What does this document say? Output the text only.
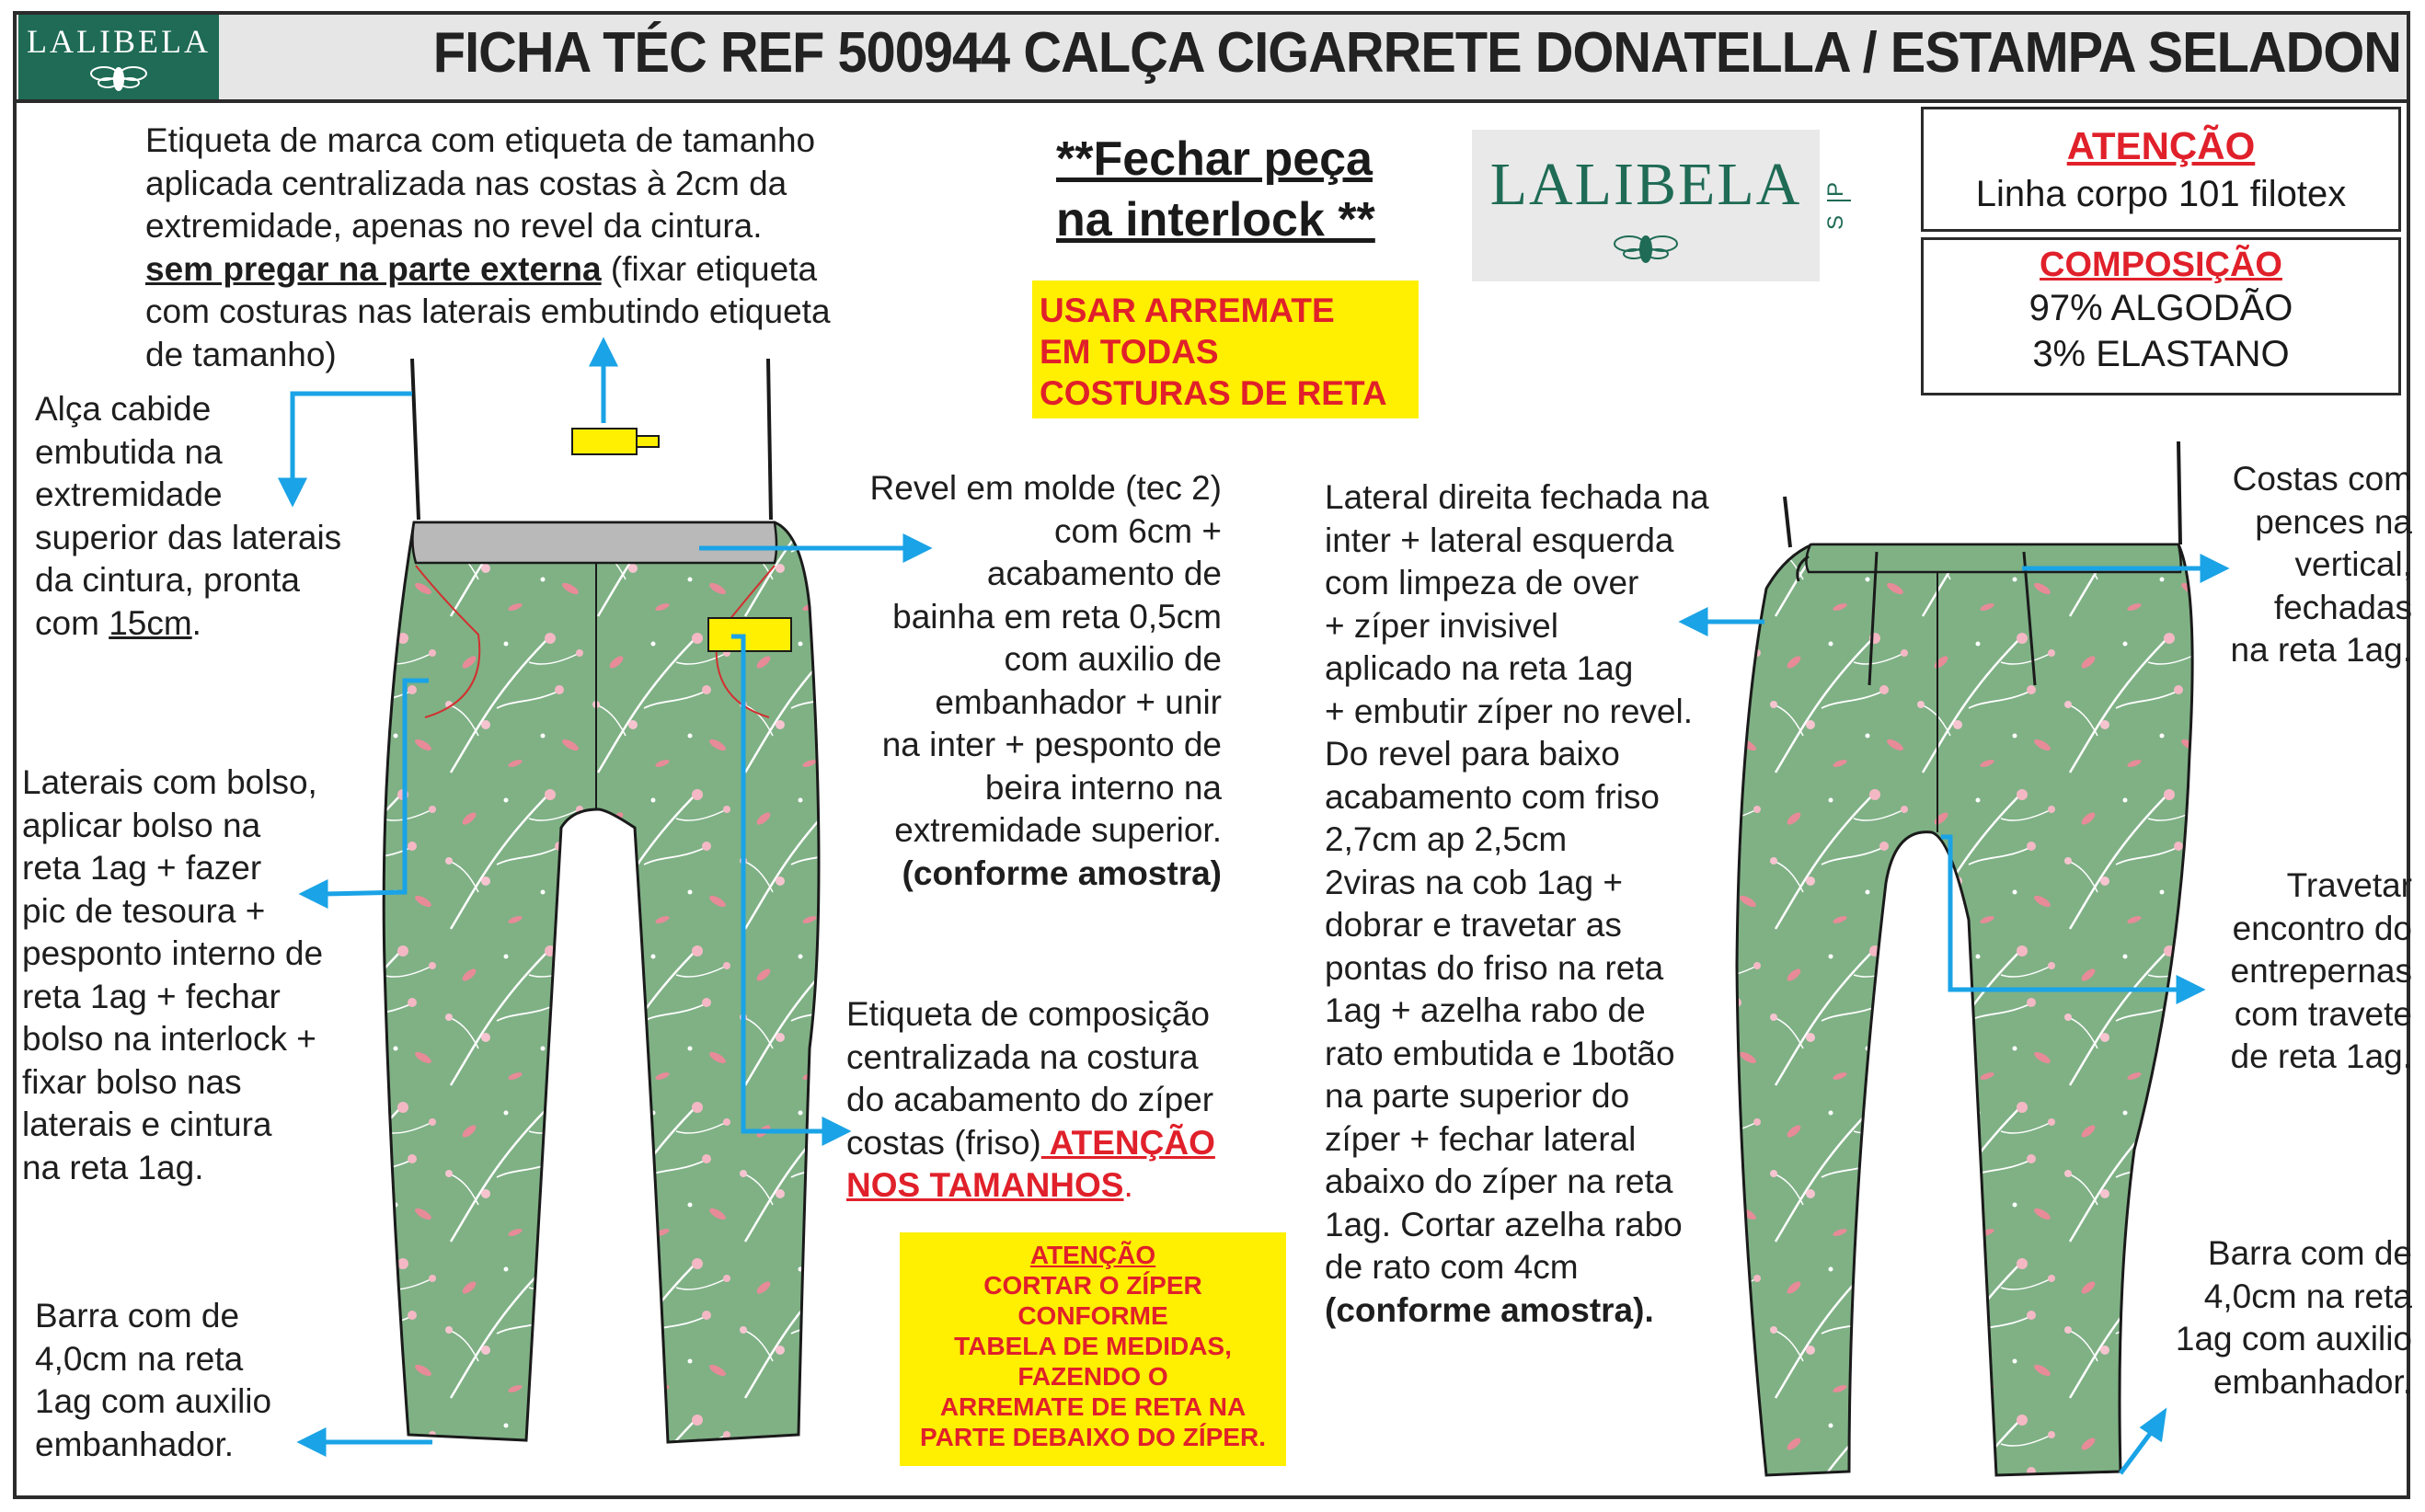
LALIBELA	FICHA TÉC REF 500944 CALÇA CIGARRETE DONATELLA / ESTAMPA SELADON
Etiqueta de marca com etiqueta de tamanho
aplicada centralizada nas costas à 2cm da
extremidade, apenas no revel da cintura.
sem pregar na parte externa (fixar etiqueta
com costuras nas laterais embutindo etiqueta
de tamanho)
**Fechar peça
na interlock **
USAR ARREMATE
EM TODAS
COSTURAS DE RETA
LALIBELA P
S
ATENÇÃO
Linha corpo 101 filotex
COMPOSIÇÃO
97% ALGODÃO
3% ELASTANO
Alça cabide
embutida na
extremidade
superior das laterais
da cintura, pronta
com 15cm.
Revel em molde (tec 2)
com 6cm +
acabamento de
bainha em reta 0,5cm
com auxilio de
embanhador + unir
na inter + pesponto de
beira interno na
extremidade superior.
(conforme amostra)
Laterais com bolso,
aplicar bolso na
reta 1ag + fazer
pic de tesoura +
pesponto interno de
reta 1ag + fechar
bolso na interlock +
fixar bolso nas
laterais e cintura
na reta 1ag.
Etiqueta de composição
centralizada na costura
do acabamento do zíper
costas (friso) ATENÇÃO
NOS TAMANHOS.
Barra com de
4,0cm na reta
1ag com auxilio
embanhador.
ATENÇÃO
CORTAR O ZÍPER
CONFORME
TABELA DE MEDIDAS,
FAZENDO O
ARREMATE DE RETA NA
PARTE DEBAIXO DO ZÍPER.
Lateral direita fechada na
inter + lateral esquerda
com limpeza de over
+ zíper invisivel
aplicado na reta 1ag
+ embutir zíper no revel.
Do revel para baixo
acabamento com friso
2,7cm ap 2,5cm
2viras na cob 1ag +
dobrar e travetar as
pontas do friso na reta
1ag + azelha rabo de
rato embutida e 1botão
na parte superior do
zíper + fechar lateral
abaixo do zíper na reta
1ag. Cortar azelha rabo
de rato com 4cm
(conforme amostra).
Costas com
pences na
vertical,
fechadas
na reta 1ag.
Travetar
encontro do
entrepernas
com travete
de reta 1ag.
Barra com de
4,0cm na reta
1ag com auxilio
embanhador.
